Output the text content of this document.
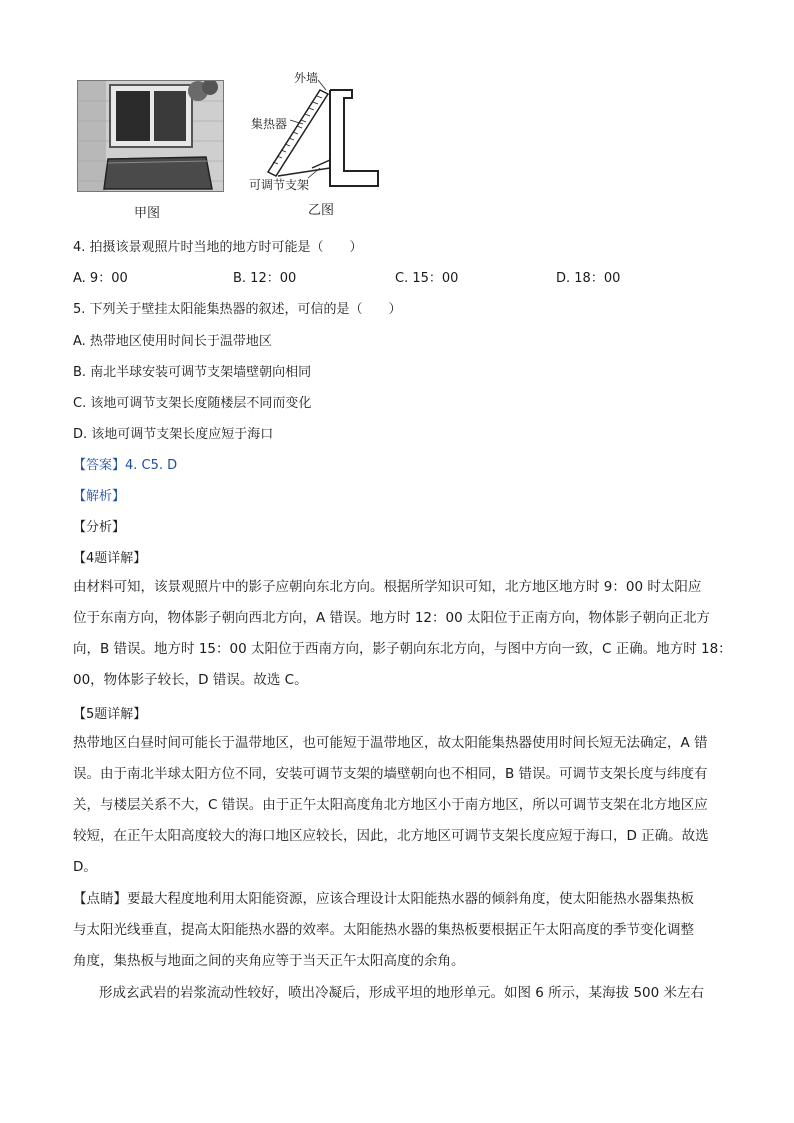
甲图
外墙
集热器
可调节支架
乙图
4. 拍摄该景观照片时当地的地方时可能是（　　）
A. 9：00	B. 12：00	C. 15：00	D. 18：00
5. 下列关于壁挂太阳能集热器的叙述，可信的是（　　）
A. 热带地区使用时间长于温带地区
B. 南北半球安装可调节支架墙壁朝向相同
C. 该地可调节支架长度随楼层不同而变化
D. 该地可调节支架长度应短于海口
【答案】4. C5. D
【解析】
【分析】
【4题详解】
由材料可知，该景观照片中的影子应朝向东北方向。根据所学知识可知，北方地区地方时 9：00 时太阳应
位于东南方向，物体影子朝向西北方向，A 错误。地方时 12：00 太阳位于正南方向，物体影子朝向正北方
向，B 错误。地方时 15：00 太阳位于西南方向，影子朝向东北方向，与图中方向一致，C 正确。地方时 18：
00，物体影子较长，D 错误。故选 C。
【5题详解】
热带地区白昼时间可能长于温带地区，也可能短于温带地区，故太阳能集热器使用时间长短无法确定，A 错
误。由于南北半球太阳方位不同，安装可调节支架的墙壁朝向也不相同，B 错误。可调节支架长度与纬度有
关，与楼层关系不大，C 错误。由于正午太阳高度角北方地区小于南方地区，所以可调节支架在北方地区应
较短，在正午太阳高度较大的海口地区应较长，因此，北方地区可调节支架长度应短于海口，D 正确。故选
D。
【点睛】要最大程度地利用太阳能资源，应该合理设计太阳能热水器的倾斜角度，使太阳能热水器集热板
与太阳光线垂直，提高太阳能热水器的效率。太阳能热水器的集热板要根据正午太阳高度的季节变化调整
角度，集热板与地面之间的夹角应等于当天正午太阳高度的余角。
形成玄武岩的岩浆流动性较好，喷出冷凝后，形成平坦的地形单元。如图 6 所示，某海拔 500 米左右
